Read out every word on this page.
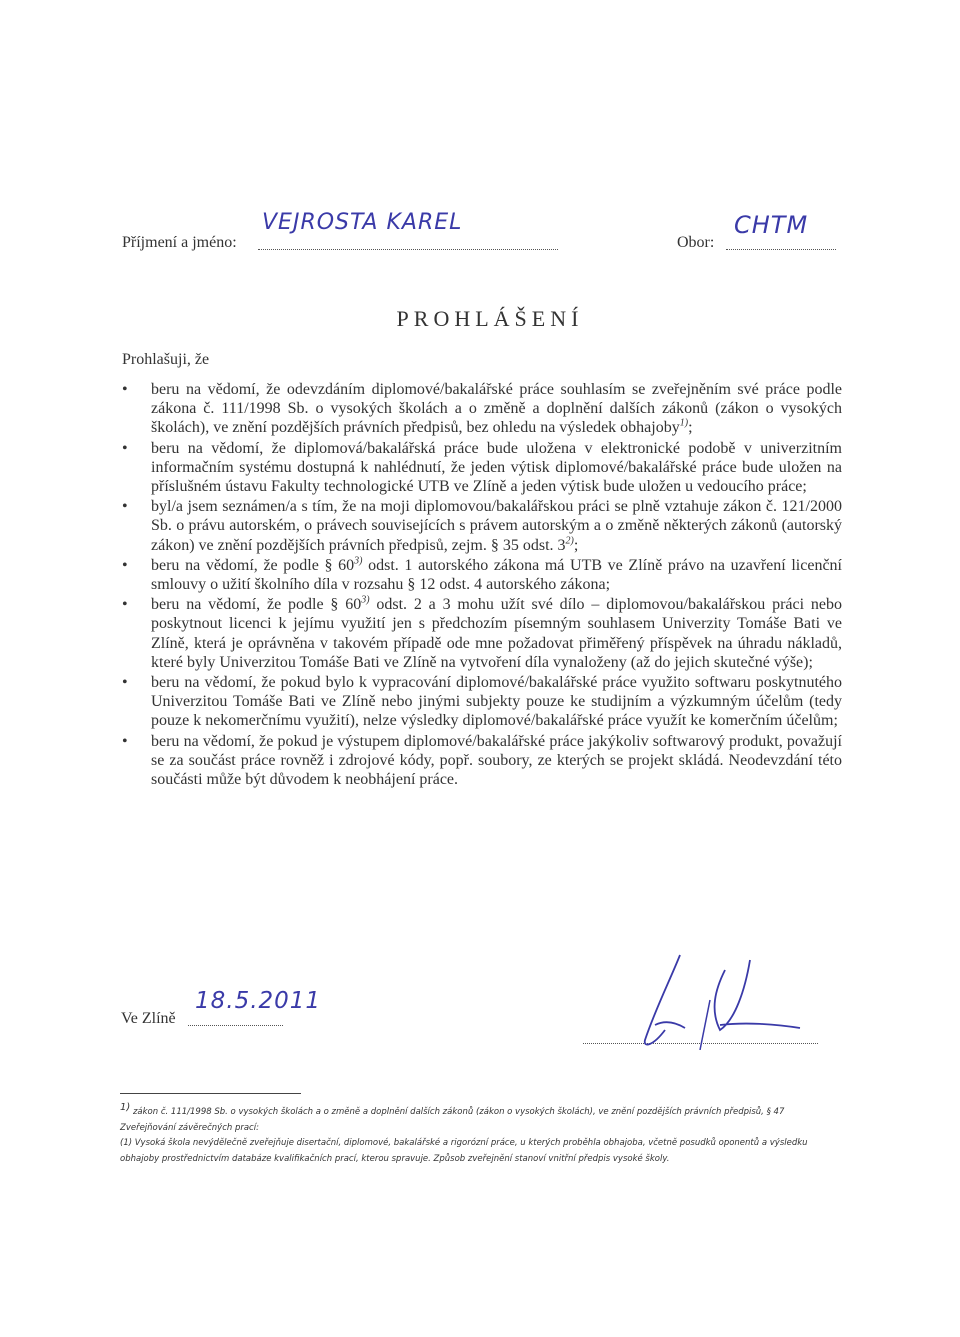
Příjmení a jméno:
VEJROSTA KAREL
Obor:
CHTM
PROHLÁŠENÍ
Prohlašuji, že
• beru na vědomí, že odevzdáním diplomové/bakalářské práce souhlasím se zveřejněním své práce podle zákona č. 111/1998 Sb. o vysokých školách a o změně a doplnění dalších zákonů (zákon o vysokých školách), ve znění pozdějších právních předpisů, bez ohledu na výsledek obhajoby$^{1)}$;
• beru na vědomí, že diplomová/bakalářská práce bude uložena v elektronické podobě v univerzitním informačním systému dostupná k nahlédnutí, že jeden výtisk diplomové/bakalářské práce bude uložen na příslušném ústavu Fakulty technologické UTB ve Zlíně a jeden výtisk bude uložen u vedoucího práce;
• byl/a jsem seznámen/a s tím, že na moji diplomovou/bakalářskou práci se plně vztahuje zákon č. 121/2000 Sb. o právu autorském, o právech souvisejících s právem autorským a o změně některých zákonů (autorský zákon) ve znění pozdějších právních předpisů, zejm. § 35 odst. 3$^{2)}$;
• beru na vědomí, že podle § 60$^{3)}$ odst. 1 autorského zákona má UTB ve Zlíně právo na uzavření licenční smlouvy o užití školního díla v rozsahu § 12 odst. 4 autorského zákona;
• beru na vědomí, že podle § 60$^{3)}$ odst. 2 a 3 mohu užít své dílo – diplomovou/bakalářskou práci nebo poskytnout licenci k jejímu využití jen s předchozím písemným souhlasem Univerzity Tomáše Bati ve Zlíně, která je oprávněna v takovém případě ode mne požadovat přiměřený příspěvek na úhradu nákladů, které byly Univerzitou Tomáše Bati ve Zlíně na vytvoření díla vynaloženy (až do jejich skutečné výše);
• beru na vědomí, že pokud bylo k vypracování diplomové/bakalářské práce využito softwaru poskytnutého Univerzitou Tomáše Bati ve Zlíně nebo jinými subjekty pouze ke studijním a výzkumným účelům (tedy pouze k nekomerčnímu využití), nelze výsledky diplomové/bakalářské práce využít ke komerčním účelům;
• beru na vědomí, že pokud je výstupem diplomové/bakalářské práce jakýkoliv softwarový produkt, považují se za součást práce rovněž i zdrojové kódy, popř. soubory, ze kterých se projekt skládá. Neodevzdání této součásti může být důvodem k neobhájení práce.
Ve Zlíně
18.5.2011

$^{1)}$ zákon č. 111/1998 Sb. o vysokých školách a o změně a doplnění dalších zákonů (zákon o vysokých školách), ve znění pozdějších právních předpisů, § 47 Zveřejňování závěrečných prací:

(1) Vysoká škola nevýdělečně zveřejňuje disertační, diplomové, bakalářské a rigorózní práce, u kterých proběhla obhajoba, včetně posudků oponentů a výsledku obhajoby prostřednictvím databáze kvalifikačních prací, kterou spravuje. Způsob zveřejnění stanoví vnitřní předpis vysoké školy.
